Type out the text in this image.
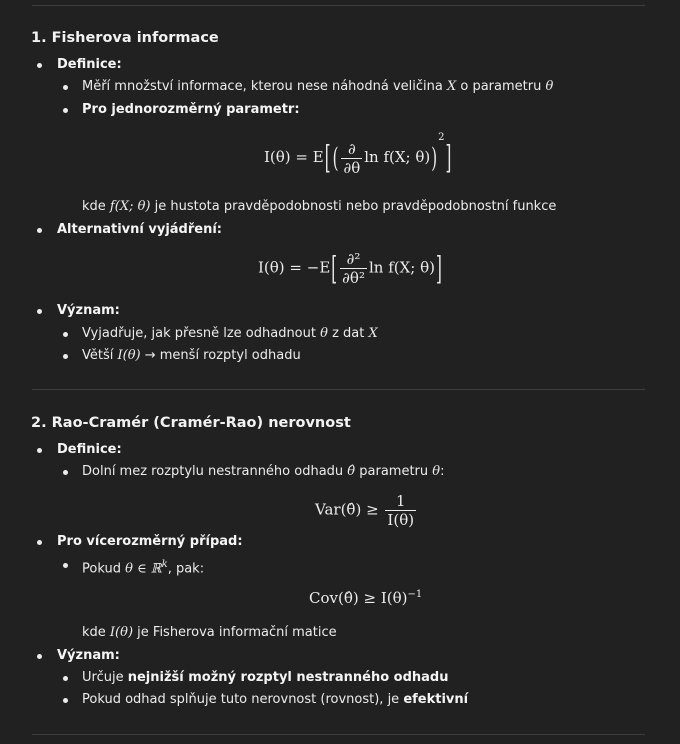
1. Fisherova informace
Definice:
Měří množství informace, kterou nese náhodná veličina X o parametru θ
Pro jednorozměrný parametr:
I(θ) = E[ ( $\frac{\partial}{\partial\theta}$ ln f(X; θ))$^2$]
kde f(X; θ) je hustota pravděpodobnosti nebo pravděpodobnostní funkce
Alternativní vyjádření:
$I(\theta) = -E[ \frac{\text{∂²}}{\text{∂θ²}}$ ln f(X; θ)]
Význam:
Vyjadřuje, jak přesně lze odhadnout θ z dat X
Větší I(θ) → menší rozptyl odhadu
2. Rao-Cramér (Cramér-Rao) nerovnost
Definice:
Dolní mez rozptylu nestranného odhadu θ̂ parametru θ:
Var(θ̂) ≥ $\frac{1}{I(\theta)}$
Pro vícerozměrný případ:
Pokud θ ∈ ℝ$^k$, pak:
Cov(θ̂) ≥ $I(\theta)^{-1}$
kde I(θ) je Fisherova informační matice
Význam:
Určuje nejnižší možný rozptyl nestranného odhadu
Pokud odhad splňuje tuto nerovnost (rovnost), je efektivní
